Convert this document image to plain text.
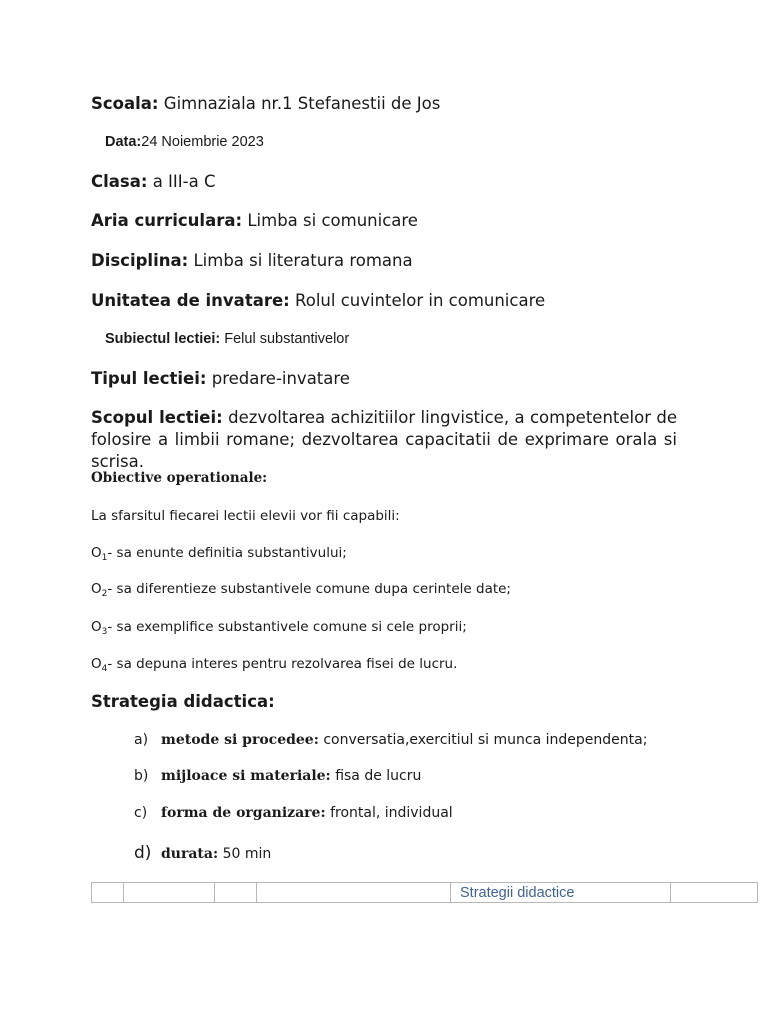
Scoala: Gimnaziala nr.1 Stefanestii de Jos
Data:24 Noiembrie 2023
Clasa: a III-a C
Aria curriculara: Limba si comunicare
Disciplina: Limba si literatura romana
Unitatea de invatare: Rolul cuvintelor in comunicare
Subiectul lectiei: Felul substantivelor
Tipul lectiei: predare-invatare
Scopul lectiei: dezvoltarea achizitiilor lingvistice, a competentelor de folosire a limbii romane; dezvoltarea capacitatii de exprimare orala si scrisa.
Obiective operationale:
La sfarsitul fiecarei lectii elevii vor fii capabili:
$O_1-$ sa enunte definitia substantivului;
$O_2-$ sa diferentieze substantivele comune dupa cerintele date;
$O_3-$ sa exemplifice substantivele comune si cele proprii;
$O_4-$ sa depuna interes pentru rezolvarea fisei de lucru.
Strategia didactica:
a) metode si procedee: conversatia,exercitiul si munca independenta;
b) mijloace si materiale: fisa de lucru
c) forma de organizare: frontal, individual
d) durata: 50 min
				Strategii didactice	
